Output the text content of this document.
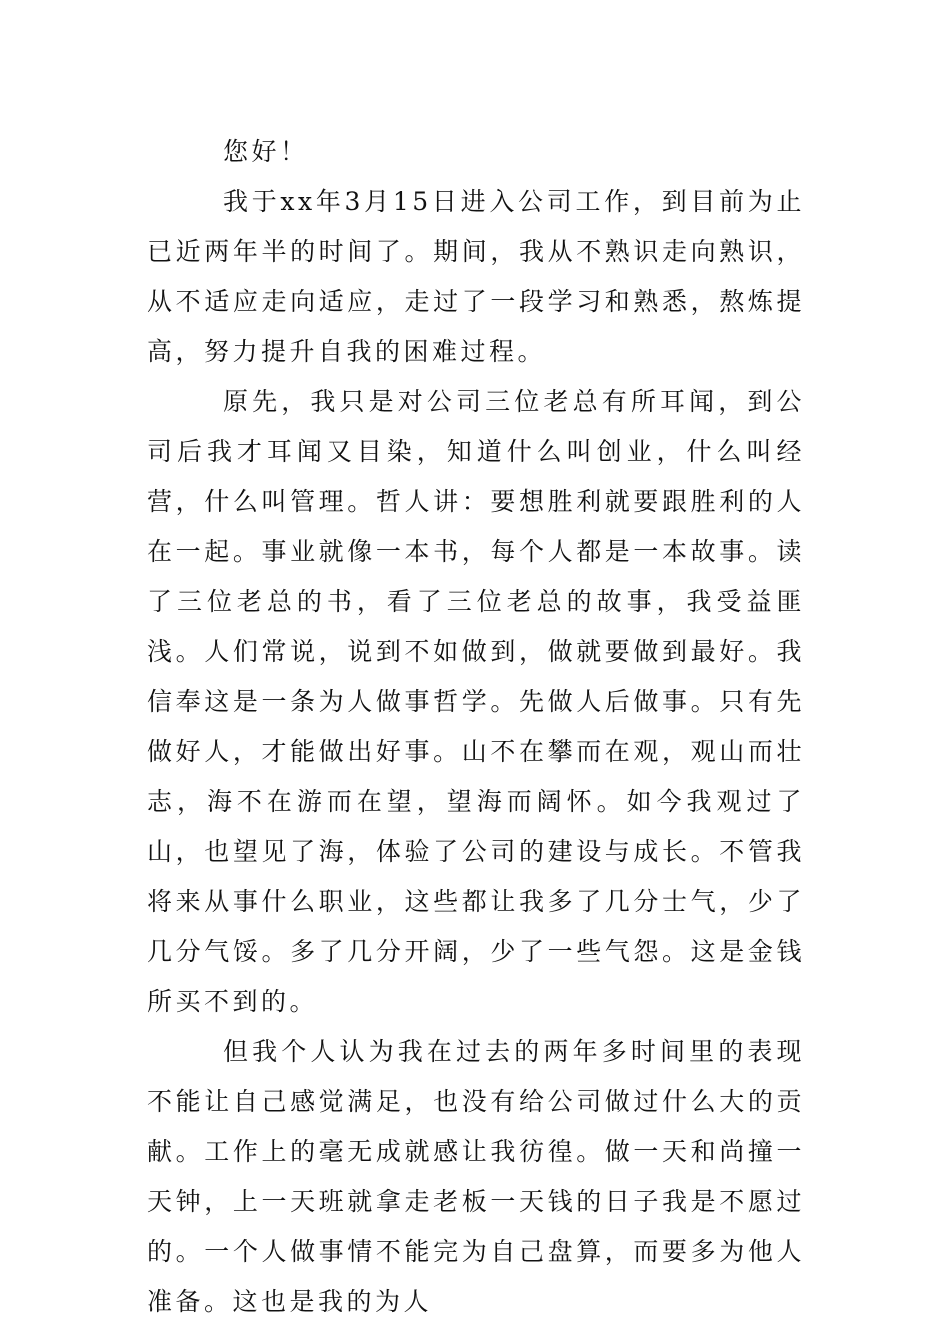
您好！

我于xx年3月15日进入公司工作，到目前为止已近两年半的时间了。期间，我从不熟识走向熟识，从不适应走向适应，走过了一段学习和熟悉，熬炼提高，努力提升自我的困难过程。

原先，我只是对公司三位老总有所耳闻，到公司后我才耳闻又目染，知道什么叫创业，什么叫经营，什么叫管理。哲人讲：要想胜利就要跟胜利的人在一起。事业就像一本书，每个人都是一本故事。读了三位老总的书，看了三位老总的故事，我受益匪浅。人们常说，说到不如做到，做就要做到最好。我信奉这是一条为人做事哲学。先做人后做事。只有先做好人，才能做出好事。山不在攀而在观，观山而壮志，海不在游而在望，望海而阔怀。如今我观过了山，也望见了海，体验了公司的建设与成长。不管我将来从事什么职业，这些都让我多了几分士气，少了几分气馁。多了几分开阔，少了一些气怨。这是金钱所买不到的。

但我个人认为我在过去的两年多时间里的表现不能让自己感觉满足，也没有给公司做过什么大的贡献。工作上的毫无成就感让我彷徨。做一天和尚撞一天钟，上一天班就拿走老板一天钱的日子我是不愿过的。一个人做事情不能完为自己盘算，而要多为他人准备。这也是我的为人
